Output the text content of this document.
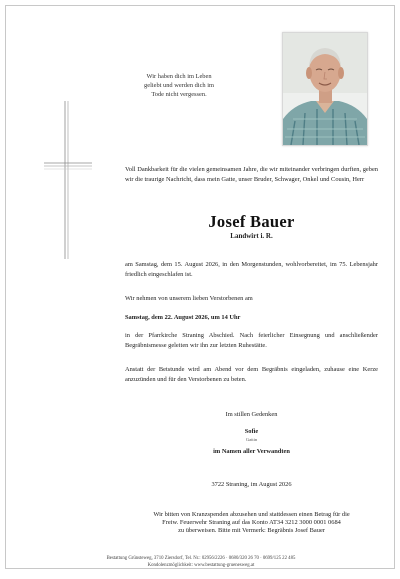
Wir haben dich im Leben
geliebt und werden dich im
Tode nicht vergessen.
Voll Dankbarkeit für die vielen gemeinsamen Jahre, die wir miteinander verbringen durften, geben wir die traurige Nachricht, dass mein Gatte, unser Bruder, Schwager, Onkel und Cousin, Herr
Josef Bauer
Landwirt i. R.
am Samstag, dem 15. August 2026, in den Morgenstunden, wohlvorbereitet, im 75. Lebensjahr friedlich eingeschlafen ist.
Wir nehmen von unserem lieben Verstorbenen am
Samstag, dem 22. August 2026, um 14 Uhr
in der Pfarrkirche Straning Abschied. Nach feierlicher Einsegnung und anschließender Begräbnismesse geleiten wir ihn zur letzten Ruhestätte.
Anstatt der Betstunde wird am Abend vor dem Begräbnis eingeladen, zuhause eine Kerze anzuzünden und für den Verstorbenen zu beten.
Im stillen Gedenken
Sofie
Gattin
im Namen aller Verwandten
3722 Straning, im August 2026
Wir bitten von Kranzspenden abzusehen und stattdessen einen Betrag für die
Freiw. Feuerwehr Straning auf das Konto AT34 3212 3000 0001 0684
zu überweisen. Bitte mit Vermerk: Begräbnis Josef Bauer
Bestattung Grünsteweg, 3710 Ziersdorf, Tel. Nr.: 02956/2226 · 0680/320 26 70 · 0699/125 22 485
Kondolenzmöglichkeit: www.bestattung-gruenesweg.at
